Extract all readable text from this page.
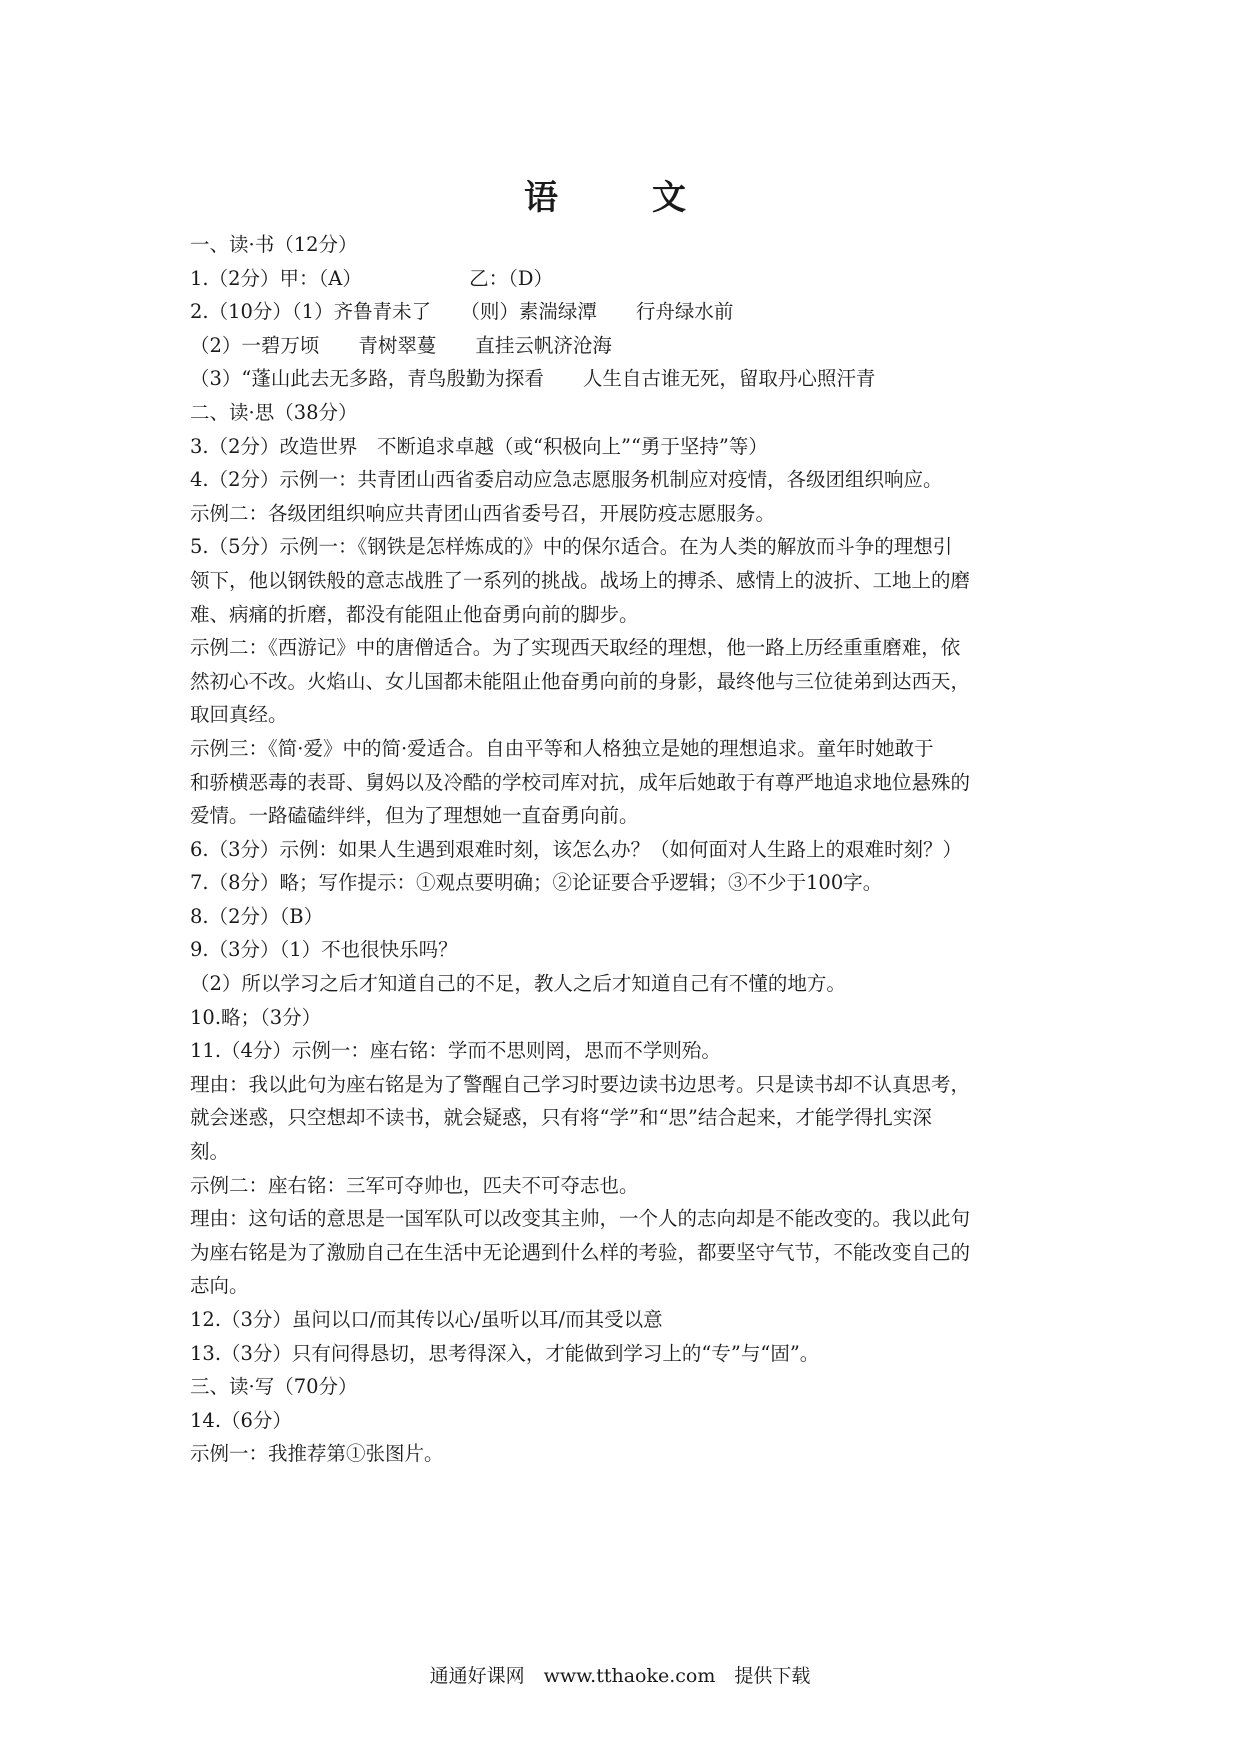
语　文
一、读·书（12分）
1.（2分）甲：（A）　　　　　　乙：（D）
2.（10分）（1）齐鲁青未了　　（则）素湍绿潭　　行舟绿水前
（2）一碧万顷　　青树翠蔓　　直挂云帆济沧海
（3）“蓬山此去无多路，青鸟殷勤为探看　　人生自古谁无死，留取丹心照汗青
二、读·思（38分）
3.（2分）改造世界　不断追求卓越（或“积极向上”“勇于坚持”等）
4.（2分）示例一：共青团山西省委启动应急志愿服务机制应对疫情，各级团组织响应。
示例二：各级团组织响应共青团山西省委号召，开展防疫志愿服务。
5.（5分）示例一：《钢铁是怎样炼成的》中的保尔适合。在为人类的解放而斗争的理想引
领下，他以钢铁般的意志战胜了一系列的挑战。战场上的搏杀、感情上的波折、工地上的磨
难、病痛的折磨，都没有能阻止他奋勇向前的脚步。
示例二：《西游记》中的唐僧适合。为了实现西天取经的理想，他一路上历经重重磨难，依
然初心不改。火焰山、女儿国都未能阻止他奋勇向前的身影，最终他与三位徒弟到达西天，
取回真经。
示例三：《简·爱》中的简·爱适合。自由平等和人格独立是她的理想追求。童年时她敢于
和骄横恶毒的表哥、舅妈以及冷酷的学校司库对抗，成年后她敢于有尊严地追求地位悬殊的
爱情。一路磕磕绊绊，但为了理想她一直奋勇向前。
6.（3分）示例：如果人生遇到艰难时刻，该怎么办？（如何面对人生路上的艰难时刻？）
7.（8分）略；写作提示：①观点要明确；②论证要合乎逻辑；③不少于100字。
8.（2分）（B）
9.（3分）（1）不也很快乐吗？
（2）所以学习之后才知道自己的不足，教人之后才知道自己有不懂的地方。
10.略；（3分）
11.（4分）示例一：座右铭：学而不思则罔，思而不学则殆。
理由：我以此句为座右铭是为了警醒自己学习时要边读书边思考。只是读书却不认真思考，
就会迷惑，只空想却不读书，就会疑惑，只有将“学”和“思”结合起来，才能学得扎实深
刻。
示例二：座右铭：三军可夺帅也，匹夫不可夺志也。
理由：这句话的意思是一国军队可以改变其主帅，一个人的志向却是不能改变的。我以此句
为座右铭是为了激励自己在生活中无论遇到什么样的考验，都要坚守气节，不能改变自己的
志向。
12.（3分）虽问以口/而其传以心/虽听以耳/而其受以意
13.（3分）只有问得恳切，思考得深入，才能做到学习上的“专”与“固”。
三、读·写（70分）
14.（6分）
示例一：我推荐第①张图片。
通通好课网　www.tthaoke.com　提供下载
